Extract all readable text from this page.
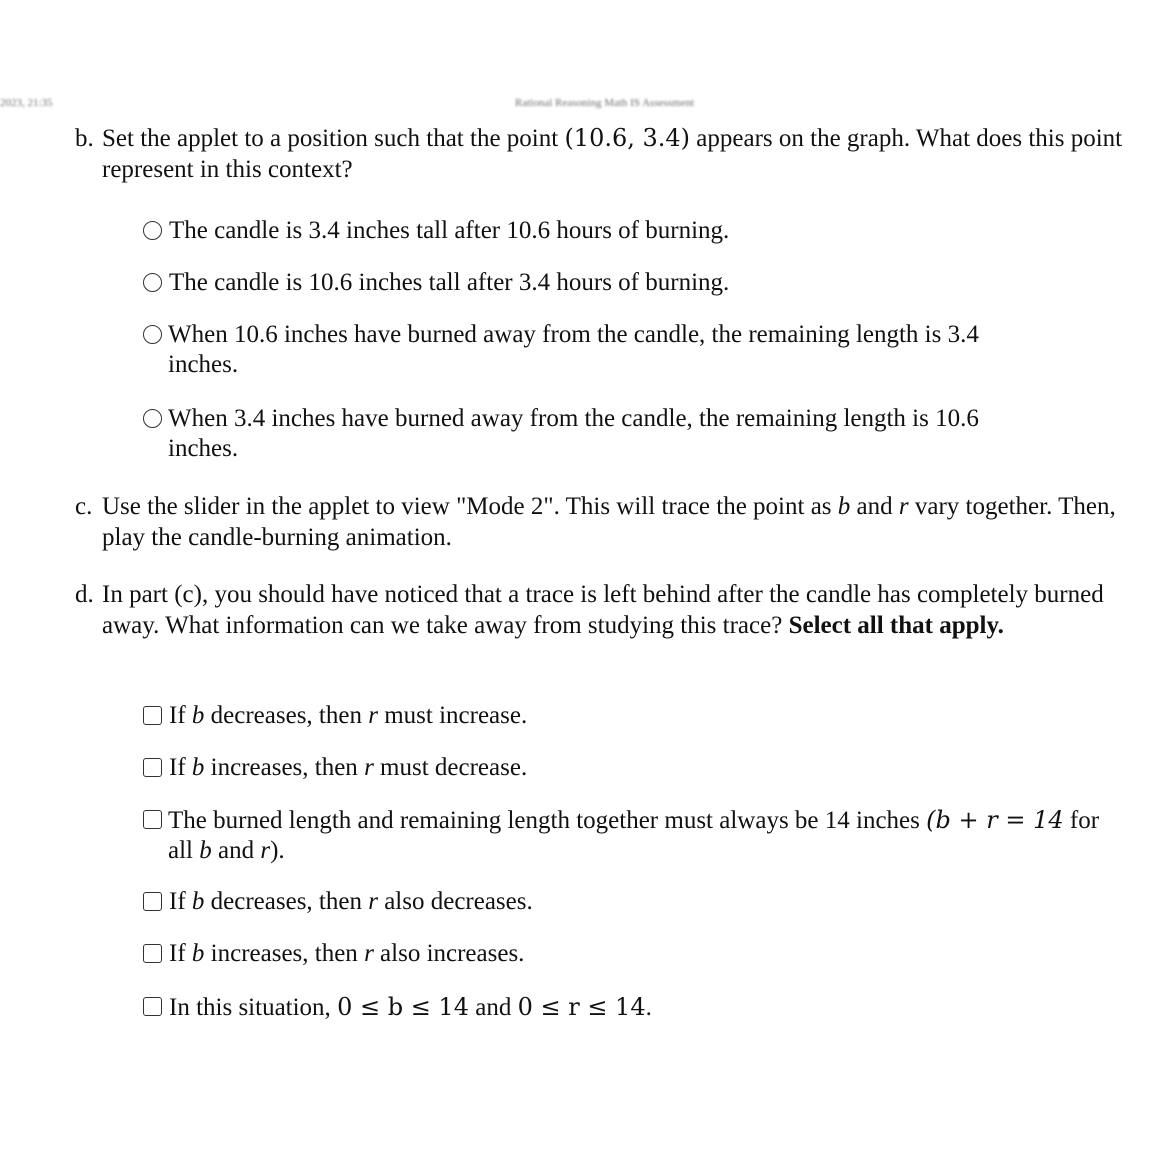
2023, 21:35	Rational Reasoning Math IS Assessment
b. Set the applet to a position such that the point (10.6, 3.4) appears on the graph. What does this point represent in this context?
The candle is 3.4 inches tall after 10.6 hours of burning.
The candle is 10.6 inches tall after 3.4 hours of burning.
When 10.6 inches have burned away from the candle, the remaining length is 3.4 inches.
When 3.4 inches have burned away from the candle, the remaining length is 10.6 inches.
c. Use the slider in the applet to view "Mode 2". This will trace the point as b and r vary together. Then, play the candle-burning animation.
d. In part (c), you should have noticed that a trace is left behind after the candle has completely burned away. What information can we take away from studying this trace? Select all that apply.
If b decreases, then r must increase.
If b increases, then r must decrease.
The burned length and remaining length together must always be 14 inches (b + r = 14 for all b and r).
If b decreases, then r also decreases.
If b increases, then r also increases.
In this situation, 0 ≤ b ≤ 14 and 0 ≤ r ≤ 14.
